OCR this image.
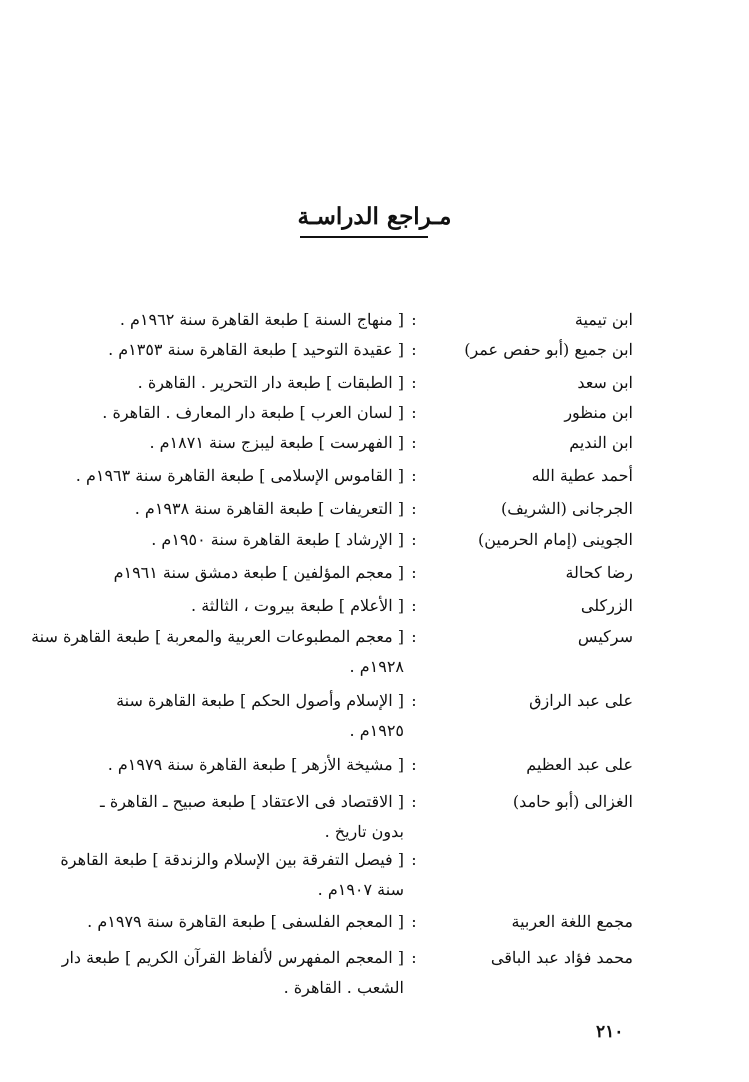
مـراجع الدراسـة
ابن تيمية
:
[ منهاج السنة ] طبعة القاهرة سنة ١٩٦٢م .
ابن جميع (أبو حفص عمر)
:
[ عقيدة التوحيد ] طبعة القاهرة سنة ١٣٥٣م .
ابن سعد
:
[ الطبقات ] طبعة دار التحرير . القاهرة .
ابن منظور
:
[ لسان العرب ] طبعة دار المعارف . القاهرة .
ابن النديم
:
[ الفهرست ] طبعة ليبزج سنة ١٨٧١م .
أحمد عطية الله
:
[ القاموس الإسلامى ] طبعة القاهرة سنة ١٩٦٣م .
الجرجانى (الشريف)
:
[ التعريفات ] طبعة القاهرة سنة ١٩٣٨م .
الجوينى (إمام الحرمين)
:
[ الإرشاد ] طبعة القاهرة سنة ١٩٥٠م .
رضا كحالة
:
[ معجم المؤلفين ] طبعة دمشق سنة ١٩٦١م
الزركلى
:
[ الأعلام ] طبعة بيروت ، الثالثة .
سركيس
:
[ معجم المطبوعات العربية والمعربة ] طبعة القاهرة سنة
١٩٢٨م .
على عبد الرازق
:
[ الإسلام وأصول الحكم ] طبعة القاهرة سنة
١٩٢٥م .
على عبد العظيم
:
[ مشيخة الأزهر ] طبعة القاهرة سنة ١٩٧٩م .
الغزالى (أبو حامد)
:
[ الاقتصاد فى الاعتقاد ] طبعة صبيح ـ القاهرة ـ
بدون تاريخ .
:
[ فيصل التفرقة بين الإسلام والزندقة ] طبعة القاهرة
سنة ١٩٠٧م .
مجمع اللغة العربية
:
[ المعجم الفلسفى ] طبعة القاهرة سنة ١٩٧٩م .
محمد فؤاد عبد الباقى
:
[ المعجم المفهرس لألفاظ القرآن الكريم ] طبعة دار
الشعب . القاهرة .
٢١٠
